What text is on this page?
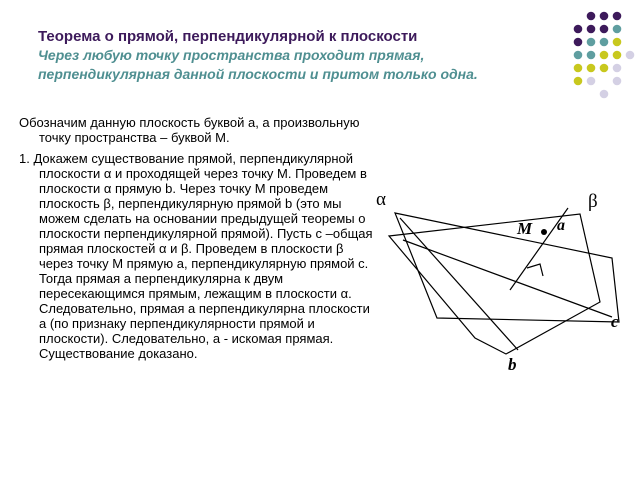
Теорема о прямой, перпендикулярной к плоскости
Через любую точку пространства проходит прямая, перпендикулярная данной плоскости и притом только одна.

Обозначим данную плоскость буквой а, а произвольную точку пространства – буквой М.

1. Докажем существование прямой, перпендикулярной плоскости α и проходящей через точку М. Проведем в плоскости α прямую b. Через точку М проведем плоскость β, перпендикулярную прямой b (это мы можем сделать на основании предыдущей теоремы о плоскости перпендикулярной прямой). Пусть с –общая прямая плоскостей α и β. Проведем в плоскости β через точку М прямую а, перпендикулярную прямой с. Тогда прямая а перпендикулярна к двум пересекающимся прямым, лежащим в плоскости α. Следовательно, прямая а перпендикулярна плоскости а (по признаку перпендикулярности прямой и плоскости). Следовательно, а - искомая прямая. Существование доказано.

α	β
M a
b
c
